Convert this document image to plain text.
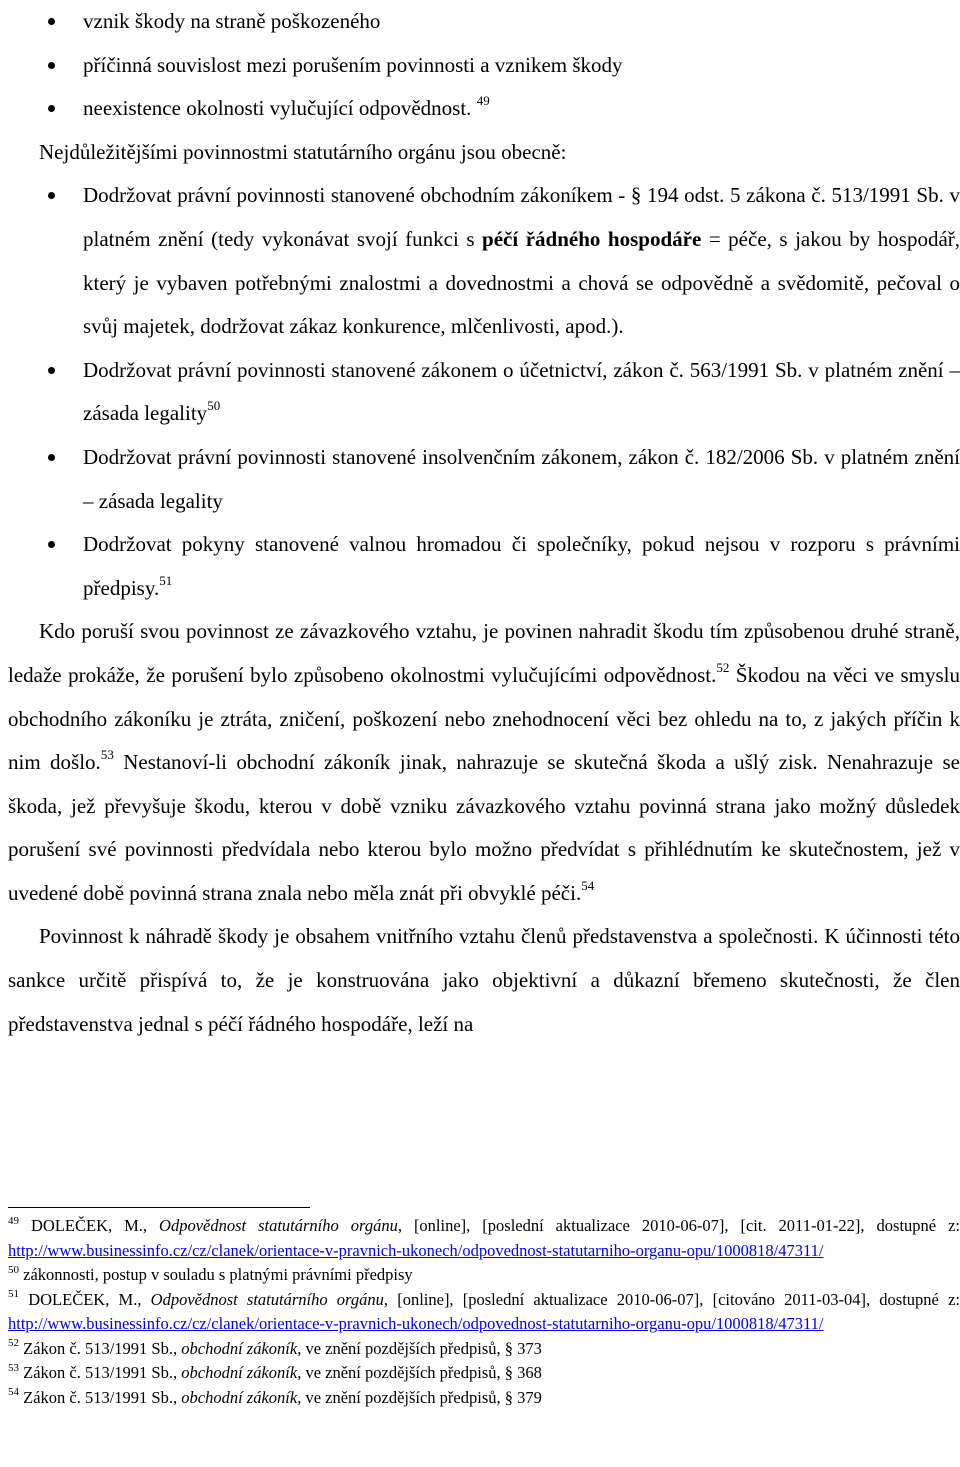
vznik škody na straně poškozeného
příčinná souvislost mezi porušením povinnosti a vznikem škody
neexistence okolnosti vylučující odpovědnost. $^{49}$
Nejdůležitějšími povinnostmi statutárního orgánu jsou obecně:
Dodržovat právní povinnosti stanovené obchodním zákoníkem - § 194 odst. 5 zákona č. 513/1991 Sb. v platném znění (tedy vykonávat svojí funkci s péčí řádného hospodáře = péče, s jakou by hospodář, který je vybaven potřebnými znalostmi a dovednostmi a chová se odpovědně a svědomitě, pečoval o svůj majetek, dodržovat zákaz konkurence, mlčenlivosti, apod.).
Dodržovat právní povinnosti stanovené zákonem o účetnictví, zákon č. 563/1991 Sb. v platném znění – zásada legality$^{50}$
Dodržovat právní povinnosti stanovené insolvenčním zákonem, zákon č. 182/2006 Sb. v platném znění – zásada legality
Dodržovat pokyny stanovené valnou hromadou či společníky, pokud nejsou v rozporu s právními předpisy.$^{51}$

Kdo poruší svou povinnost ze závazkového vztahu, je povinen nahradit škodu tím způsobenou druhé straně, ledaže prokáže, že porušení bylo způsobeno okolnostmi vylučujícími odpovědnost.$^{52}$ Škodou na věci ve smyslu obchodního zákoníku je ztráta, zničení, poškození nebo znehodnocení věci bez ohledu na to, z jakých příčin k nim došlo.$^{53}$ Nestanoví-li obchodní zákoník jinak, nahrazuje se skutečná škoda a ušlý zisk. Nenahrazuje se škoda, jež převyšuje škodu, kterou v době vzniku závazkového vztahu povinná strana jako možný důsledek porušení své povinnosti předvídala nebo kterou bylo možno předvídat s přihlédnutím ke skutečnostem, jež v uvedené době povinná strana znala nebo měla znát při obvyklé péči.$^{54}$

Povinnost k náhradě škody je obsahem vnitřního vztahu členů představenstva a společnosti. K účinnosti této sankce určitě přispívá to, že je konstruována jako objektivní a důkazní břemeno skutečnosti, že člen představenstva jednal s péčí řádného hospodáře, leží na

$^{49}$ DOLEČEK, M., Odpovědnost statutárního orgánu, [online], [poslední aktualizace 2010-06-07], [cit. 2011-01-22], dostupné z: http://www.businessinfo.cz/cz/clanek/orientace-v-pravnich-ukonech/odpovednost-statutarniho-organu-opu/1000818/47311/

$^{50}$ zákonnosti, postup v souladu s platnými právními předpisy

$^{51}$ DOLEČEK, M., Odpovědnost statutárního orgánu, [online], [poslední aktualizace 2010-06-07], [citováno 2011-03-04], dostupné z: http://www.businessinfo.cz/cz/clanek/orientace-v-pravnich-ukonech/odpovednost-statutarniho-organu-opu/1000818/47311/

$^{52}$ Zákon č. 513/1991 Sb., obchodní zákoník, ve znění pozdějších předpisů, § 373

$^{53}$ Zákon č. 513/1991 Sb., obchodní zákoník, ve znění pozdějších předpisů, § 368

$^{54}$ Zákon č. 513/1991 Sb., obchodní zákoník, ve znění pozdějších předpisů, § 379
